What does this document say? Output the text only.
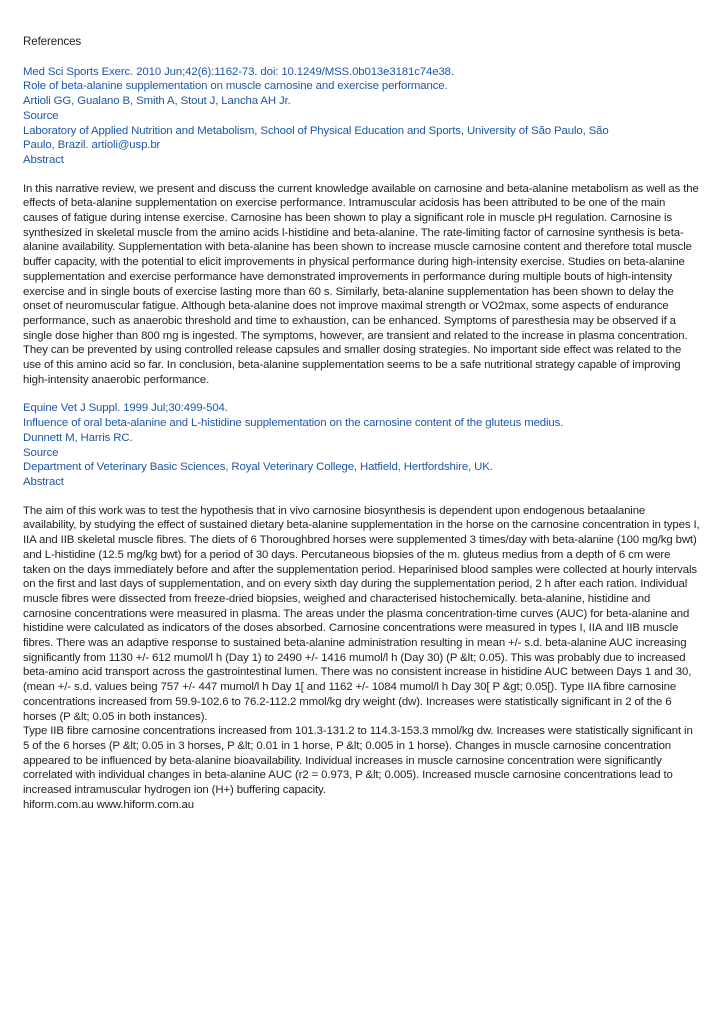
References
Med Sci Sports Exerc. 2010 Jun;42(6):1162-73. doi: 10.1249/MSS.0b013e3181c74e38.
Role of beta-alanine supplementation on muscle carnosine and exercise performance.
Artioli GG, Gualano B, Smith A, Stout J, Lancha AH Jr.
Source
Laboratory of Applied Nutrition and Metabolism, School of Physical Education and Sports, University of São Paulo, São
Paulo, Brazil. artioli@usp.br
Abstract

In this narrative review, we present and discuss the current knowledge available on carnosine and beta-alanine metabolism as well as the effects of beta-alanine supplementation on exercise performance. Intramuscular acidosis has been attributed to be one of the main causes of fatigue during intense exercise. Carnosine has been shown to play a significant role in muscle pH regulation. Carnosine is synthesized in skeletal muscle from the amino acids l-histidine and beta-alanine. The rate-limiting factor of carnosine synthesis is beta-alanine availability. Supplementation with beta-alanine has been shown to increase muscle carnosine content and therefore total muscle buffer capacity, with the potential to elicit improvements in physical performance during high-intensity exercise. Studies on beta-alanine supplementation and exercise performance have demonstrated improvements in performance during multiple bouts of high-intensity exercise and in single bouts of exercise lasting more than 60 s. Similarly, beta-alanine supplementation has been shown to delay the onset of neuromuscular fatigue. Although beta-alanine does not improve maximal strength or VO2max, some aspects of endurance performance, such as anaerobic threshold and time to exhaustion, can be enhanced. Symptoms of paresthesia may be observed if a single dose higher than 800 mg is ingested. The symptoms, however, are transient and related to the increase in plasma concentration. They can be prevented by using controlled release capsules and smaller dosing strategies. No important side effect was related to the use of this amino acid so far. In conclusion, beta-alanine supplementation seems to be a safe nutritional strategy capable of improving high-intensity anaerobic performance.

Equine Vet J Suppl. 1999 Jul;30:499-504.
Influence of oral beta-alanine and L-histidine supplementation on the carnosine content of the gluteus medius.
Dunnett M, Harris RC.
Source
Department of Veterinary Basic Sciences, Royal Veterinary College, Hatfield, Hertfordshire, UK.
Abstract

The aim of this work was to test the hypothesis that in vivo carnosine biosynthesis is dependent upon endogenous betaalanine

availability, by studying the effect of sustained dietary beta-alanine supplementation in the horse on the carnosine concentration in types I, IIA and IIB skeletal muscle fibres. The diets of 6 Thoroughbred horses were supplemented 3 times/day with beta-alanine (100 mg/kg bwt) and L-histidine (12.5 mg/kg bwt) for a period of 30 days. Percutaneous biopsies of the m. gluteus medius from a depth of 6 cm were taken on the days immediately before and after the supplementation period. Heparinised blood samples were collected at hourly intervals on the first and last days of supplementation, and on every sixth day during the supplementation period, 2 h after each ration. Individual muscle fibres were dissected from freeze-dried biopsies, weighed and characterised histochemically. beta-alanine, histidine and carnosine concentrations were measured in plasma. The areas under the plasma concentration-time curves (AUC) for beta-alanine and histidine were calculated as indicators of the doses absorbed. Carnosine concentrations were measured in types I, IIA and IIB muscle fibres. There was an adaptive response to sustained beta-alanine administration resulting in mean +/- s.d. beta-alanine AUC increasing significantly from 1130 +/- 612 mumol/l h (Day 1) to 2490 +/- 1416 mumol/l h (Day 30) (P &lt; 0.05). This was probably due to increased beta-amino acid transport across the gastrointestinal lumen. There was no consistent increase in histidine AUC between Days 1 and 30, (mean +/- s.d. values being 757 +/- 447 mumol/l h Day 1[ and 1162 +/- 1084 mumol/l h Day 30[ P &gt; 0.05[). Type IIA fibre carnosine concentrations increased from 59.9-102.6 to 76.2-112.2 mmol/kg dry weight (dw). Increases were statistically significant in 2 of the 6 horses (P &lt; 0.05 in both instances).

Type IIB fibre carnosine concentrations increased from 101.3-131.2 to 114.3-153.3 mmol/kg dw. Increases were statistically significant in 5 of the 6 horses (P &lt; 0.05 in 3 horses, P &lt; 0.01 in 1 horse, P &lt; 0.005 in 1 horse). Changes in muscle carnosine concentration appeared to be influenced by beta-alanine bioavailability. Individual increases in muscle carnosine concentration were significantly correlated with individual changes in beta-alanine AUC (r2 = 0.973, P &lt; 0.005). Increased muscle carnosine concentrations lead to increased intramuscular hydrogen ion (H+) buffering capacity.

hiform.com.au www.hiform.com.au
